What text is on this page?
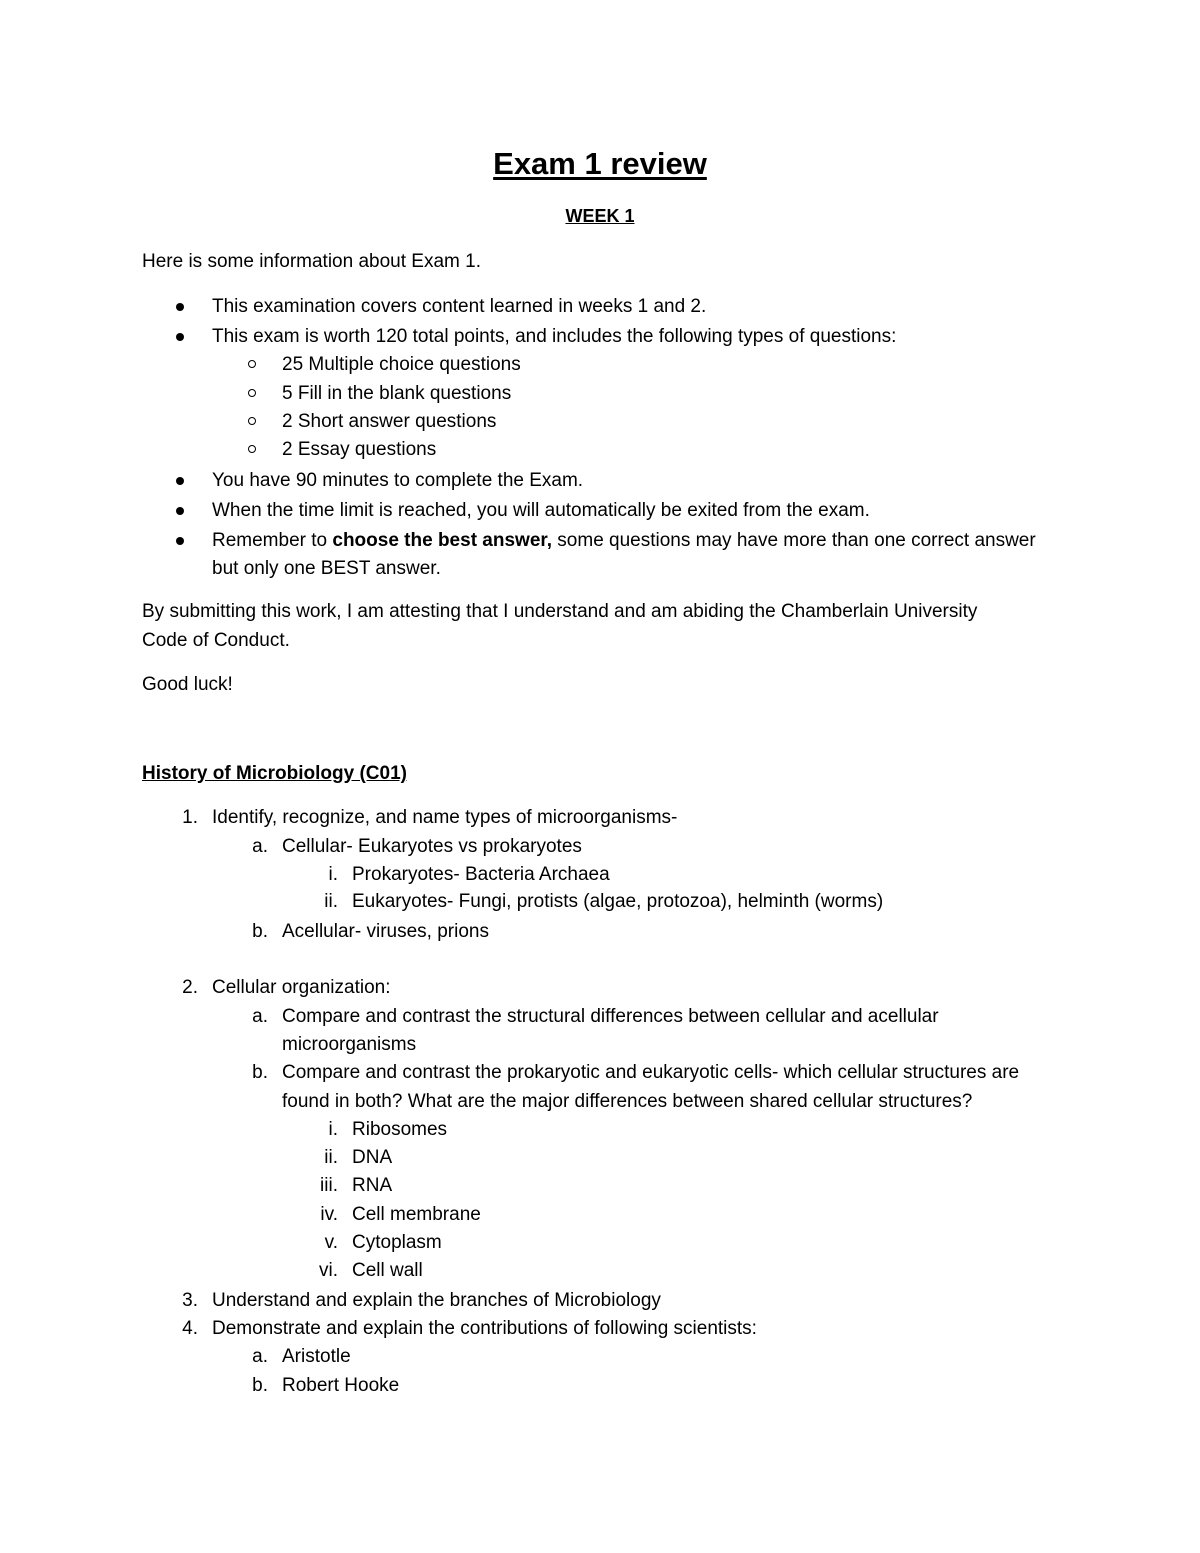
Exam 1 review
WEEK 1
Here is some information about Exam 1.
This examination covers content learned in weeks 1 and 2.
This exam is worth 120 total points, and includes the following types of questions:
25 Multiple choice questions
5 Fill in the blank questions
2 Short answer questions
2 Essay questions
You have 90 minutes to complete the Exam.
When the time limit is reached, you will automatically be exited from the exam.
Remember to choose the best answer, some questions may have more than one correct answer
but only one BEST answer.
By submitting this work, I am attesting that I understand and am abiding the Chamberlain University
Code of Conduct.
Good luck!
History of Microbiology (C01)
1. Identify, recognize, and name types of microorganisms-
a. Cellular- Eukaryotes vs prokaryotes
i. Prokaryotes- Bacteria Archaea
ii. Eukaryotes- Fungi, protists (algae, protozoa), helminth (worms)
b. Acellular- viruses, prions
2. Cellular organization:
a. Compare and contrast the structural differences between cellular and acellular
microorganisms
b. Compare and contrast the prokaryotic and eukaryotic cells- which cellular structures are
found in both? What are the major differences between shared cellular structures?
i. Ribosomes
ii. DNA
iii. RNA
iv. Cell membrane
v. Cytoplasm
vi. Cell wall
3. Understand and explain the branches of Microbiology
4. Demonstrate and explain the contributions of following scientists:
a. Aristotle
b. Robert Hooke
